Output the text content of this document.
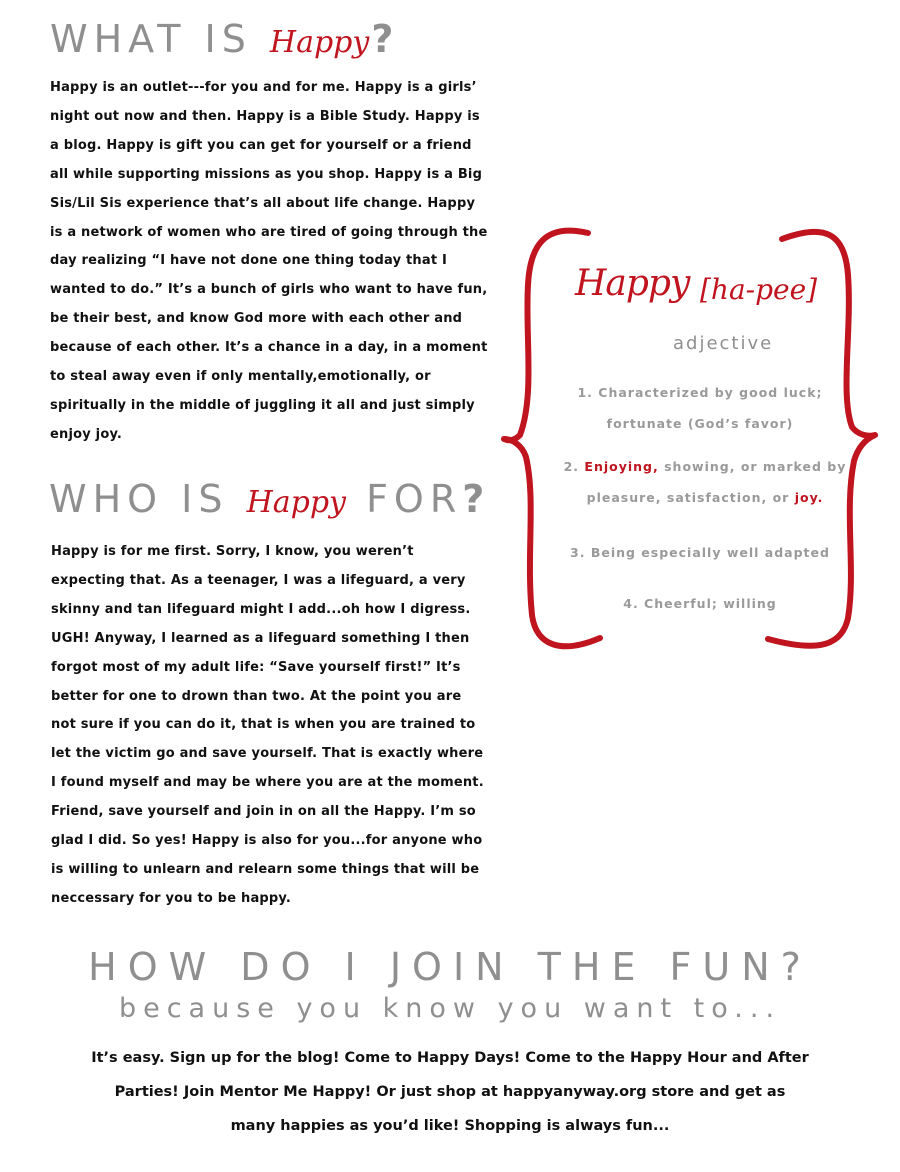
WHAT IS Happy?

Happy is an outlet---for you and for me. Happy is a girls’ night out now and then. Happy is a Bible Study. Happy is a blog. Happy is gift you can get for yourself or a friend all while supporting missions as you shop. Happy is a Big Sis/Lil Sis experience that’s all about life change. Happy is a network of women who are tired of going through the day realizing “I have not done one thing today that I wanted to do.” It’s a bunch of girls who want to have fun, be their best, and know God more with each other and because of each other. It’s a chance in a day, in a moment to steal away even if only mentally,emotionally, or spiritually in the middle of juggling it all and just simply enjoy joy.

Happy [ha-pee]

adjective

1. Characterized by good luck; fortunate (God’s favor)

2. Enjoying, showing, or marked by pleasure, satisfaction, or joy.

3. Being especially well adapted

4. Cheerful; willing

WHO IS Happy FOR?

Happy is for me first. Sorry, I know, you weren’t expecting that. As a teenager, I was a lifeguard, a very skinny and tan lifeguard might I add...oh how I digress. UGH! Anyway, I learned as a lifeguard something I then forgot most of my adult life: “Save yourself first!” It’s better for one to drown than two. At the point you are not sure if you can do it, that is when you are trained to let the victim go and save yourself. That is exactly where I found myself and may be where you are at the moment. Friend, save yourself and join in on all the Happy. I’m so glad I did. So yes! Happy is also for you...for anyone who is willing to unlearn and relearn some things that will be neccessary for you to be happy.

HOW DO I JOIN THE FUN?

because you know you want to...

It’s easy. Sign up for the blog! Come to Happy Days! Come to the Happy Hour and After Parties! Join Mentor Me Happy! Or just shop at happyanyway.org store and get as many happies as you’d like! Shopping is always fun...
